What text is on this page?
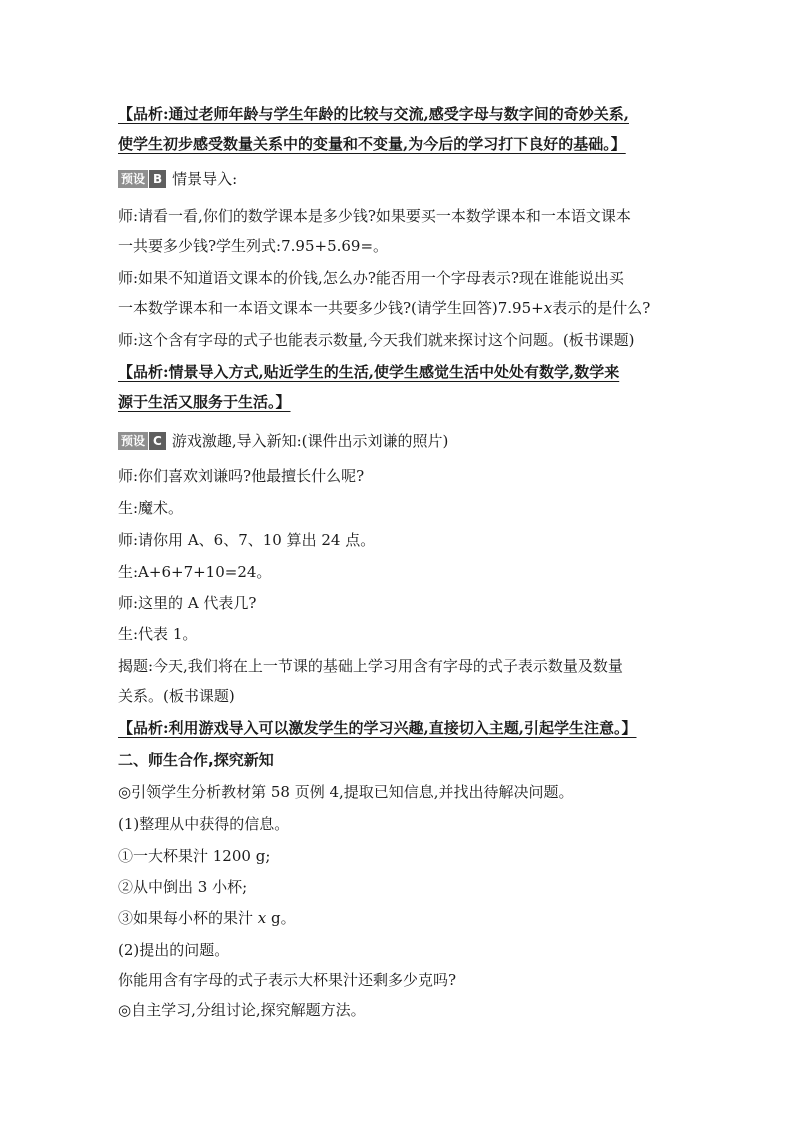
【品析:通过老师年龄与学生年龄的比较与交流,感受字母与数字间的奇妙关系,
使学生初步感受数量关系中的变量和不变量,为今后的学习打下良好的基础。】
预设 B 情景导入:
师:请看一看,你们的数学课本是多少钱?如果要买一本数学课本和一本语文课本
一共要多少钱?学生列式:7.95+5.69=。
师:如果不知道语文课本的价钱,怎么办?能否用一个字母表示?现在谁能说出买
一本数学课本和一本语文课本一共要多少钱?(请学生回答)7.95+x表示的是什么?
师:这个含有字母的式子也能表示数量,今天我们就来探讨这个问题。(板书课题)
【品析:情景导入方式,贴近学生的生活,使学生感觉生活中处处有数学,数学来
源于生活又服务于生活。】
预设 C 游戏激趣,导入新知:(课件出示刘谦的照片)
师:你们喜欢刘谦吗?他最擅长什么呢?
生:魔术。
师:请你用 A、6、7、10 算出 24 点。
生:A+6+7+10=24。
师:这里的 A 代表几?
生:代表 1。
揭题:今天,我们将在上一节课的基础上学习用含有字母的式子表示数量及数量
关系。(板书课题)
【品析:利用游戏导入可以激发学生的学习兴趣,直接切入主题,引起学生注意。】
二、师生合作,探究新知
◎引领学生分析教材第 58 页例 4,提取已知信息,并找出待解决问题。
(1)整理从中获得的信息。
①一大杯果汁 1200 g;
②从中倒出 3 小杯;
③如果每小杯的果汁 x g。
(2)提出的问题。
你能用含有字母的式子表示大杯果汁还剩多少克吗?
◎自主学习,分组讨论,探究解题方法。
